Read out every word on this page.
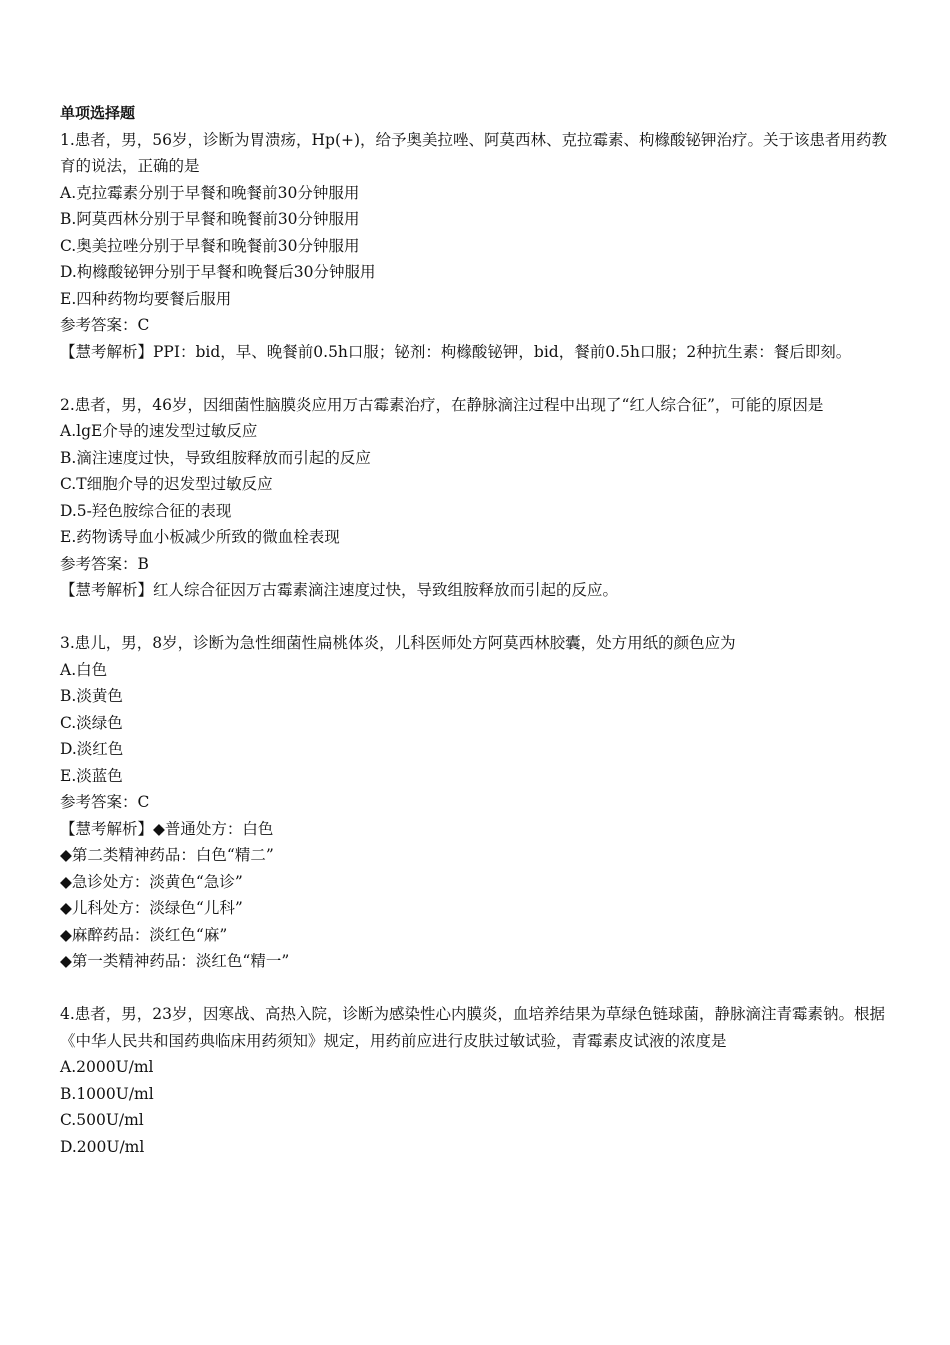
单项选择题
1.患者，男，56岁，诊断为胃溃疡，Hp(+)，给予奥美拉唑、阿莫西林、克拉霉素、枸橼酸铋钾治疗。关于该患者用药教育的说法，正确的是
A.克拉霉素分别于早餐和晚餐前30分钟服用
B.阿莫西林分别于早餐和晚餐前30分钟服用
C.奥美拉唑分别于早餐和晚餐前30分钟服用
D.枸橼酸铋钾分别于早餐和晚餐后30分钟服用
E.四种药物均要餐后服用
参考答案：C
【慧考解析】PPI：bid，早、晚餐前0.5h口服；铋剂：枸橼酸铋钾，bid，餐前0.5h口服；2种抗生素：餐后即刻。
2.患者，男，46岁，因细菌性脑膜炎应用万古霉素治疗，在静脉滴注过程中出现了“红人综合征”，可能的原因是
A.lgE介导的速发型过敏反应
B.滴注速度过快，导致组胺释放而引起的反应
C.T细胞介导的迟发型过敏反应
D.5-羟色胺综合征的表现
E.药物诱导血小板减少所致的微血栓表现
参考答案：B
【慧考解析】红人综合征因万古霉素滴注速度过快，导致组胺释放而引起的反应。
3.患儿，男，8岁，诊断为急性细菌性扁桃体炎，儿科医师处方阿莫西林胶囊，处方用纸的颜色应为
A.白色
B.淡黄色
C.淡绿色
D.淡红色
E.淡蓝色
参考答案：C
【慧考解析】◆普通处方：白色
◆第二类精神药品：白色“精二”
◆急诊处方：淡黄色“急诊”
◆儿科处方：淡绿色“儿科”
◆麻醉药品：淡红色“麻”
◆第一类精神药品：淡红色“精一”
4.患者，男，23岁，因寒战、高热入院，诊断为感染性心内膜炎，血培养结果为草绿色链球菌，静脉滴注青霉素钠。根据《中华人民共和国药典临床用药须知》规定，用药前应进行皮肤过敏试验，青霉素皮试液的浓度是
A.2000U/ml
B.1000U/ml
C.500U/ml
D.200U/ml
